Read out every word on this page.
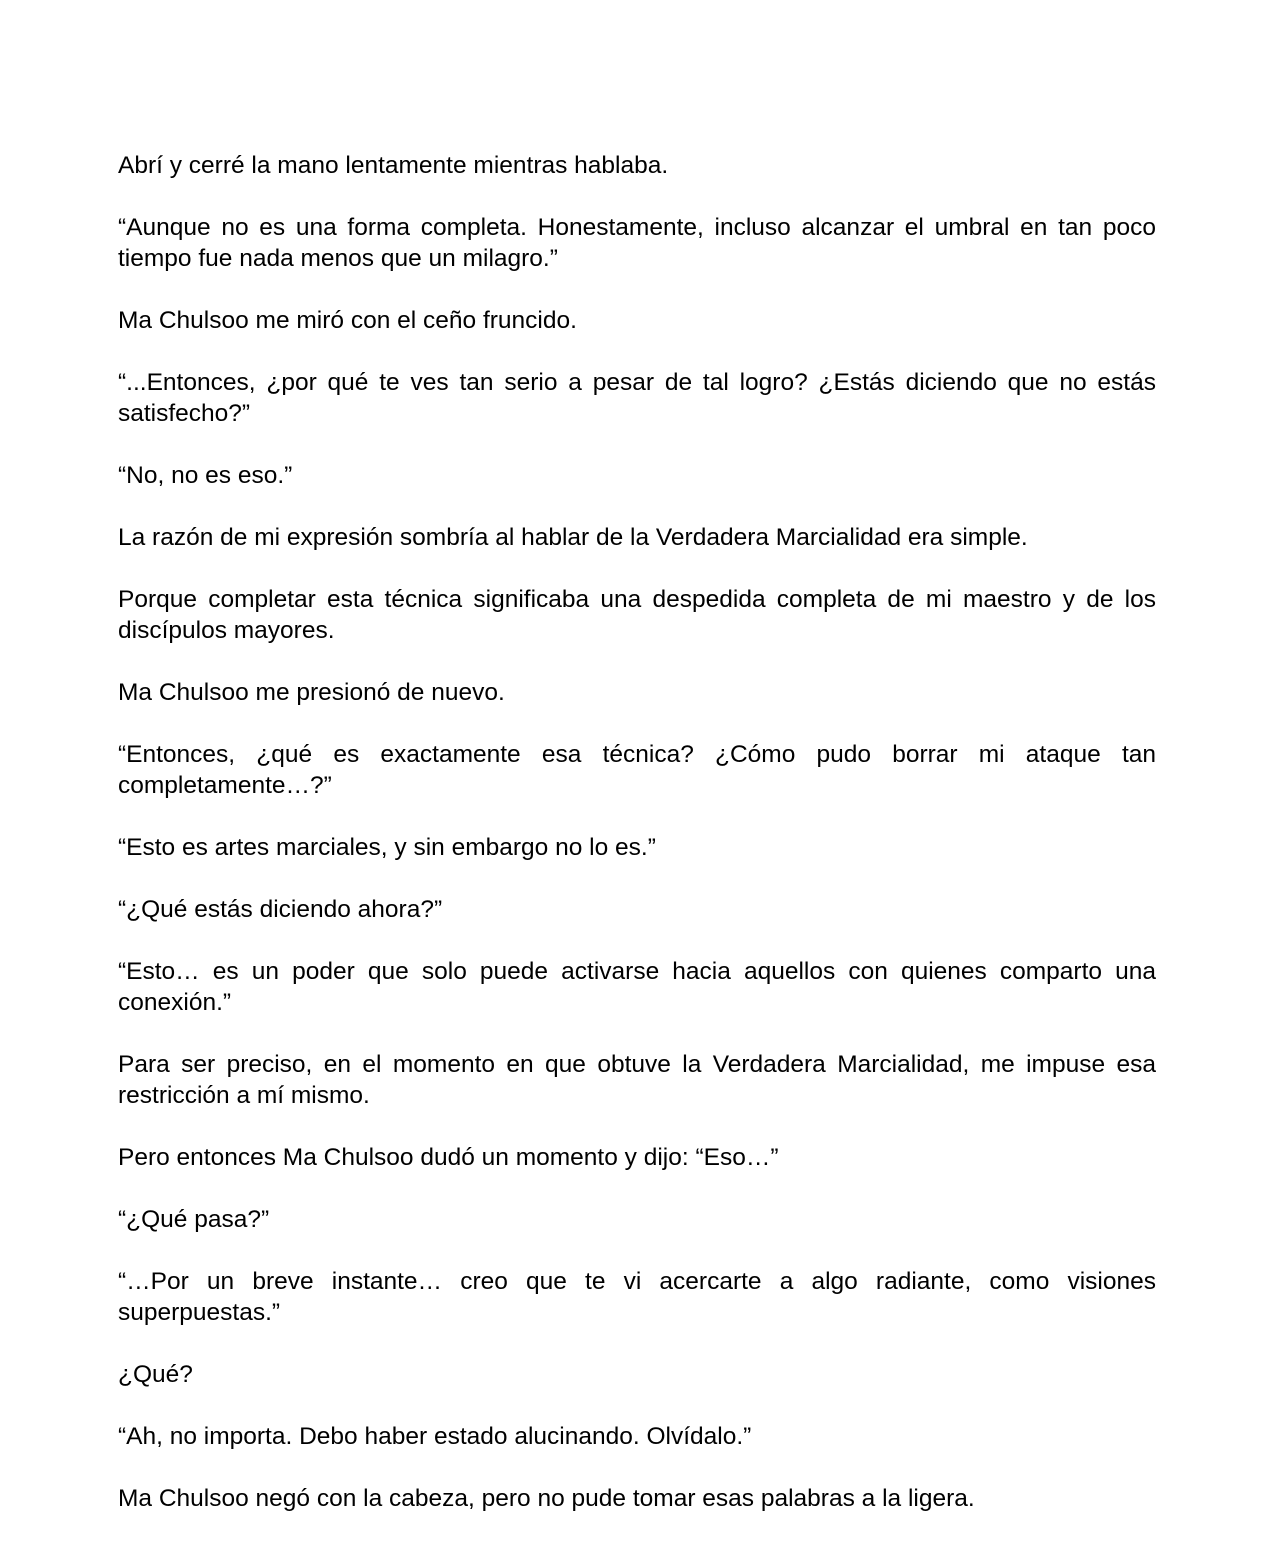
Abrí y cerré la mano lentamente mientras hablaba.

“Aunque no es una forma completa. Honestamente, incluso alcanzar el umbral en tan poco tiempo fue nada menos que un milagro.”

Ma Chulsoo me miró con el ceño fruncido.

“...Entonces, ¿por qué te ves tan serio a pesar de tal logro? ¿Estás diciendo que no estás satisfecho?”

“No, no es eso.”

La razón de mi expresión sombría al hablar de la Verdadera Marcialidad era simple.

Porque completar esta técnica significaba una despedida completa de mi maestro y de los discípulos mayores.

Ma Chulsoo me presionó de nuevo.

“Entonces, ¿qué es exactamente esa técnica? ¿Cómo pudo borrar mi ataque tan completamente…?”

“Esto es artes marciales, y sin embargo no lo es.”

“¿Qué estás diciendo ahora?”

“Esto… es un poder que solo puede activarse hacia aquellos con quienes comparto una conexión.”

Para ser preciso, en el momento en que obtuve la Verdadera Marcialidad, me impuse esa restricción a mí mismo.

Pero entonces Ma Chulsoo dudó un momento y dijo: “Eso…”

“¿Qué pasa?”

“…Por un breve instante… creo que te vi acercarte a algo radiante, como visiones superpuestas.”

¿Qué?

“Ah, no importa. Debo haber estado alucinando. Olvídalo.”

Ma Chulsoo negó con la cabeza, pero no pude tomar esas palabras a la ligera.
